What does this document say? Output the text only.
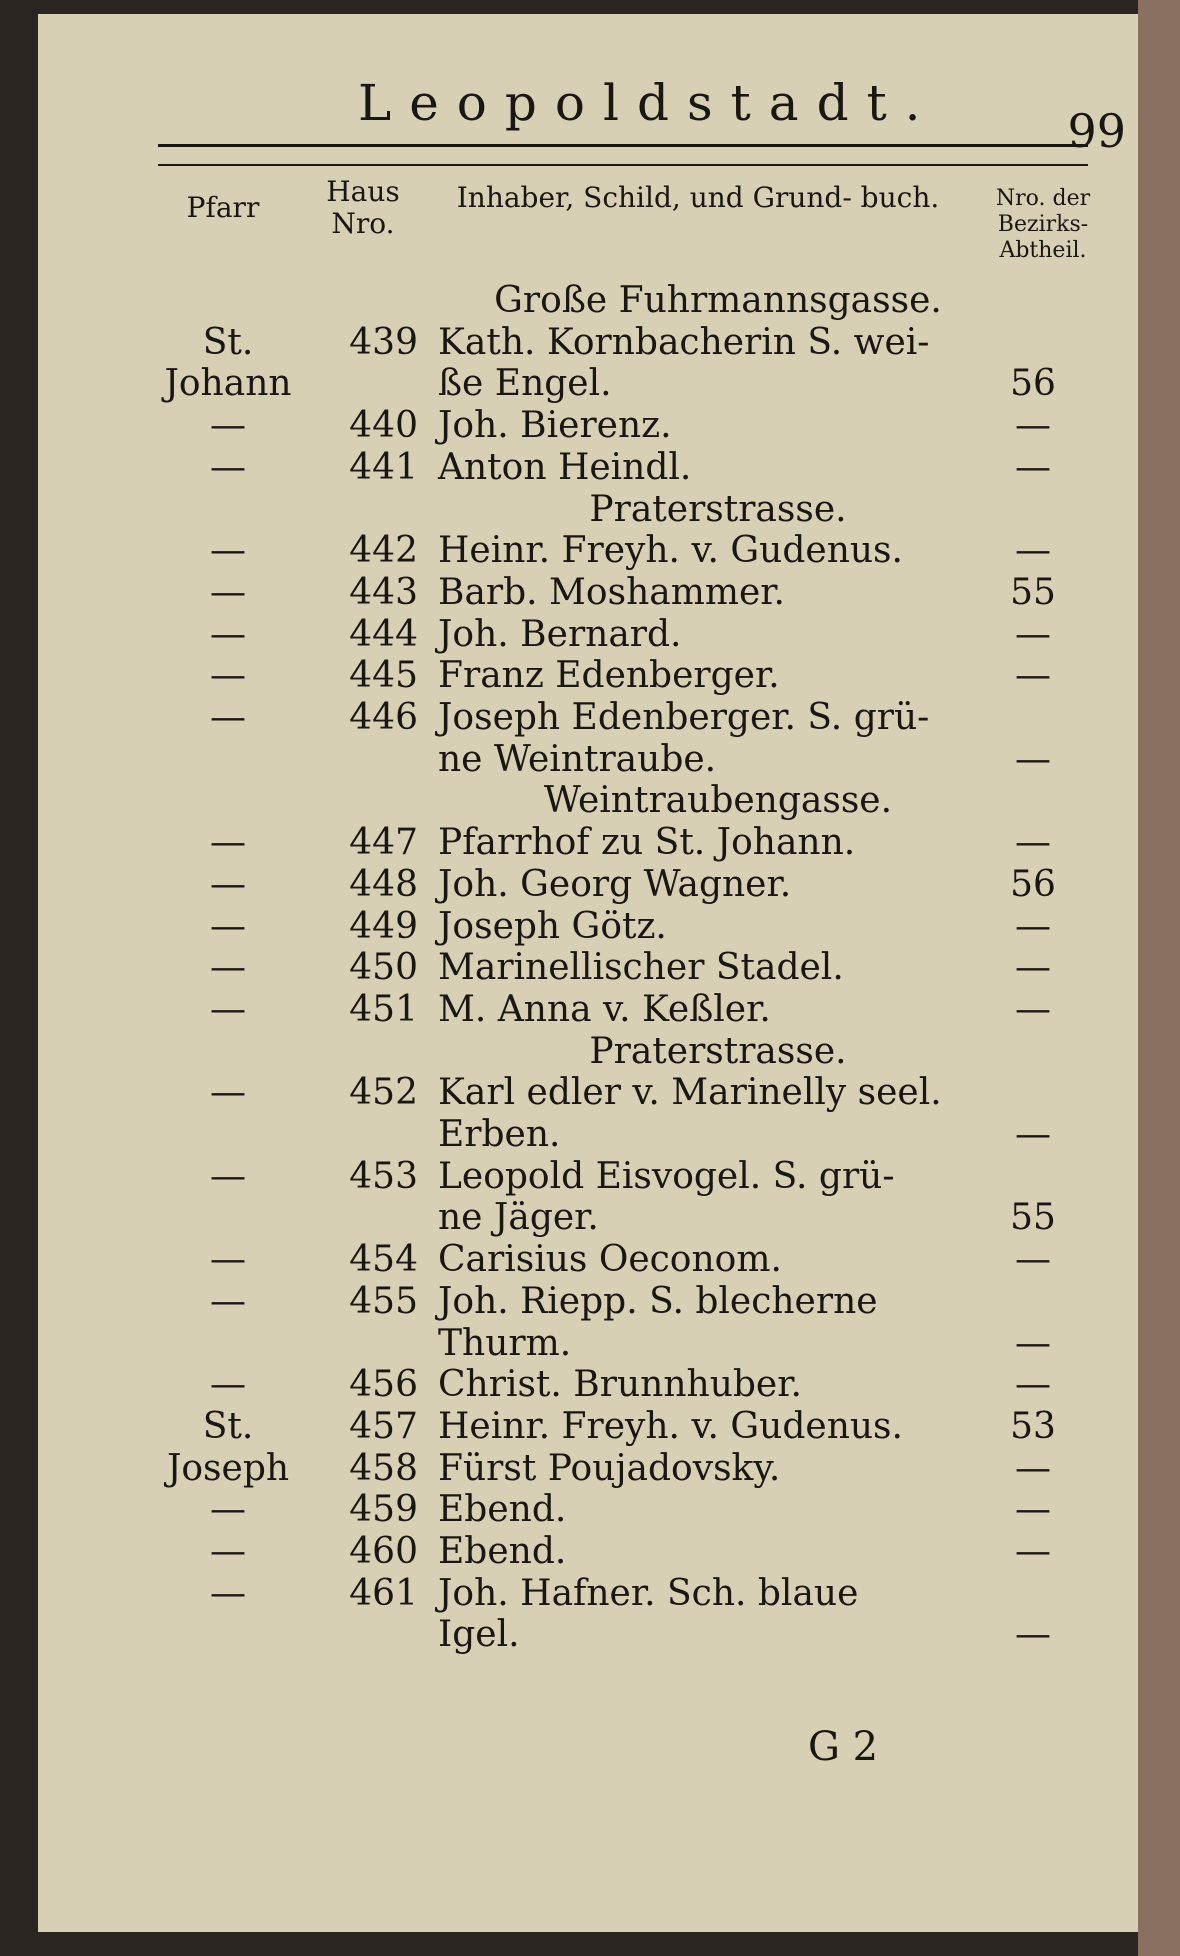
Leopoldstadt.	99
Pfarr	Haus Nro.
Inhaber, Schild, und Grund- buch.	Nro. der Bezirks- Abtheil.
Große Fuhrmannsgasse.
St.	439 Kath. Kornbacherin S. wei-
Johann	ße Engel.	56
—	440 Joh. Bierenz.	—
—	441 Anton Heindl.	—
Praterstrasse.
—	442 Heinr. Freyh. v. Gudenus.	—
—	443 Barb. Moshammer.	55
—	444 Joh. Bernard.	—
—	445 Franz Edenberger.	—
—	446 Joseph Edenberger. S. grü-
ne Weintraube.	—
Weintraubengasse.
—	447 Pfarrhof zu St. Johann.	—
—	448 Joh. Georg Wagner.	56
—	449 Joseph Götz.	—
—	450 Marinellischer Stadel.	—
—	451 M. Anna v. Keßler.	—
Praterstrasse.
—	452 Karl edler v. Marinelly seel.
Erben.	—
—	453 Leopold Eisvogel. S. grü-
ne Jäger.	55
—	454 Carisius Oeconom.	—
—	455 Joh. Riepp. S. blecherne
Thurm.	—
—	456 Christ. Brunnhuber.	—
St.	457 Heinr. Freyh. v. Gudenus.	53
Joseph	458 Fürst Poujadovsky.	—
—	459 Ebend.	—
—	460 Ebend.	—
—	461 Joh. Hafner. Sch. blaue
Igel.	—
G 2
